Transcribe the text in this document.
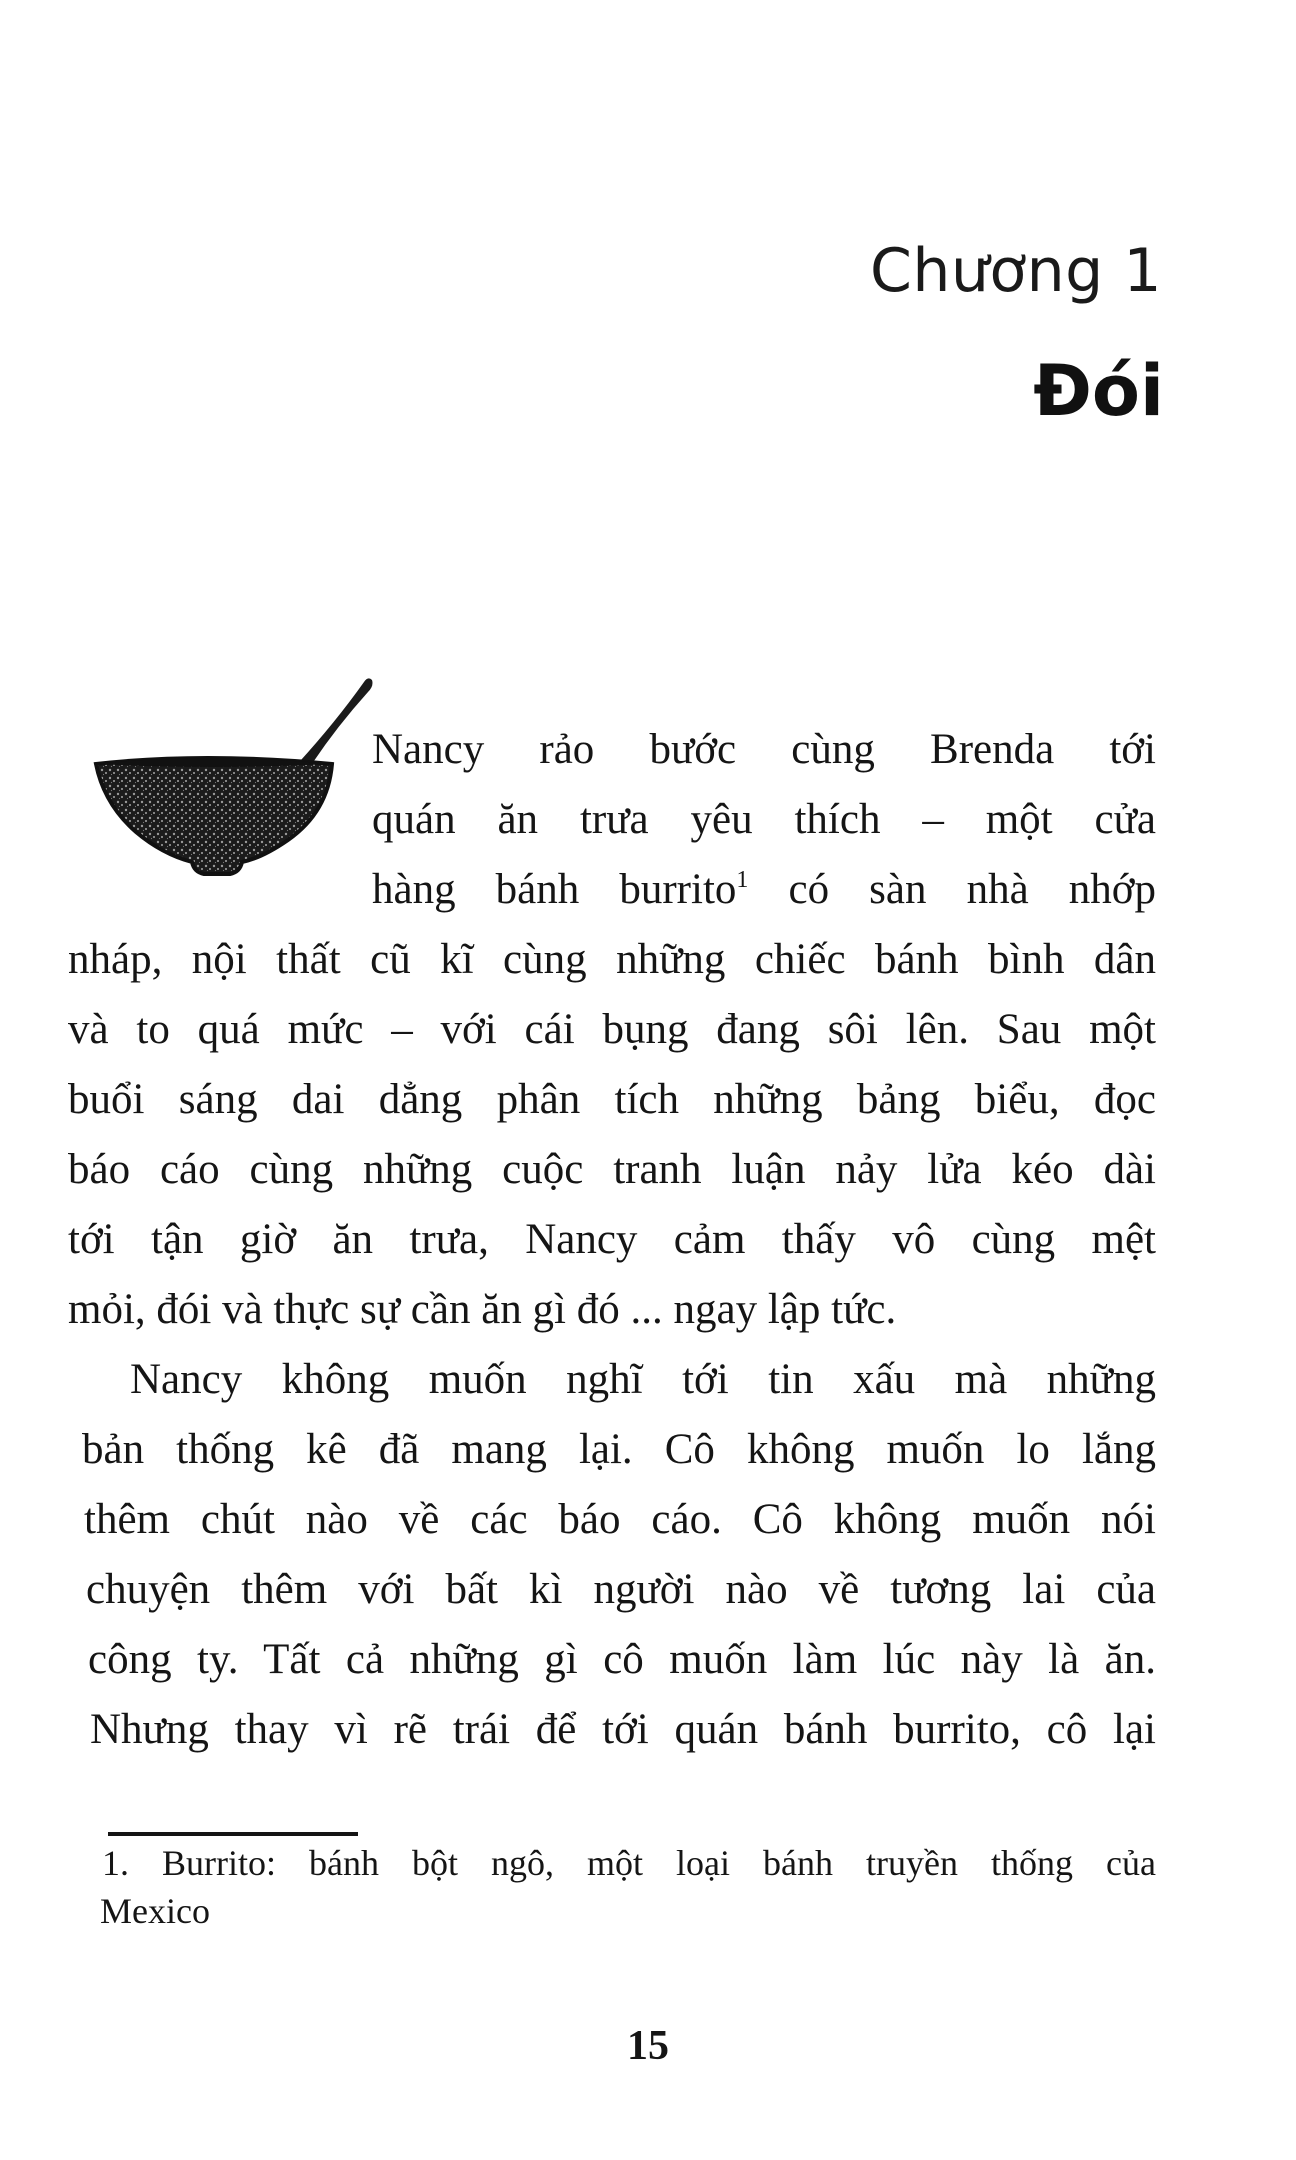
Chương 1
Đói
Nancy rảo bước cùng Brenda tới
quán ăn trưa yêu thích – một cửa
hàng bánh burrito$^1$ có sàn nhà nhớp
nháp, nội thất cũ kĩ cùng những chiếc bánh bình dân
và to quá mức – với cái bụng đang sôi lên. Sau một
buổi sáng dai dẳng phân tích những bảng biểu, đọc
báo cáo cùng những cuộc tranh luận nảy lửa kéo dài
tới tận giờ ăn trưa, Nancy cảm thấy vô cùng mệt
mỏi, đói và thực sự cần ăn gì đó ... ngay lập tức.
Nancy không muốn nghĩ tới tin xấu mà những
bản thống kê đã mang lại. Cô không muốn lo lắng
thêm chút nào về các báo cáo. Cô không muốn nói
chuyện thêm với bất kì người nào về tương lai của
công ty. Tất cả những gì cô muốn làm lúc này là ăn.
Nhưng thay vì rẽ trái để tới quán bánh burrito, cô lại
1. Burrito: bánh bột ngô, một loại bánh truyền thống của
Mexico
15
